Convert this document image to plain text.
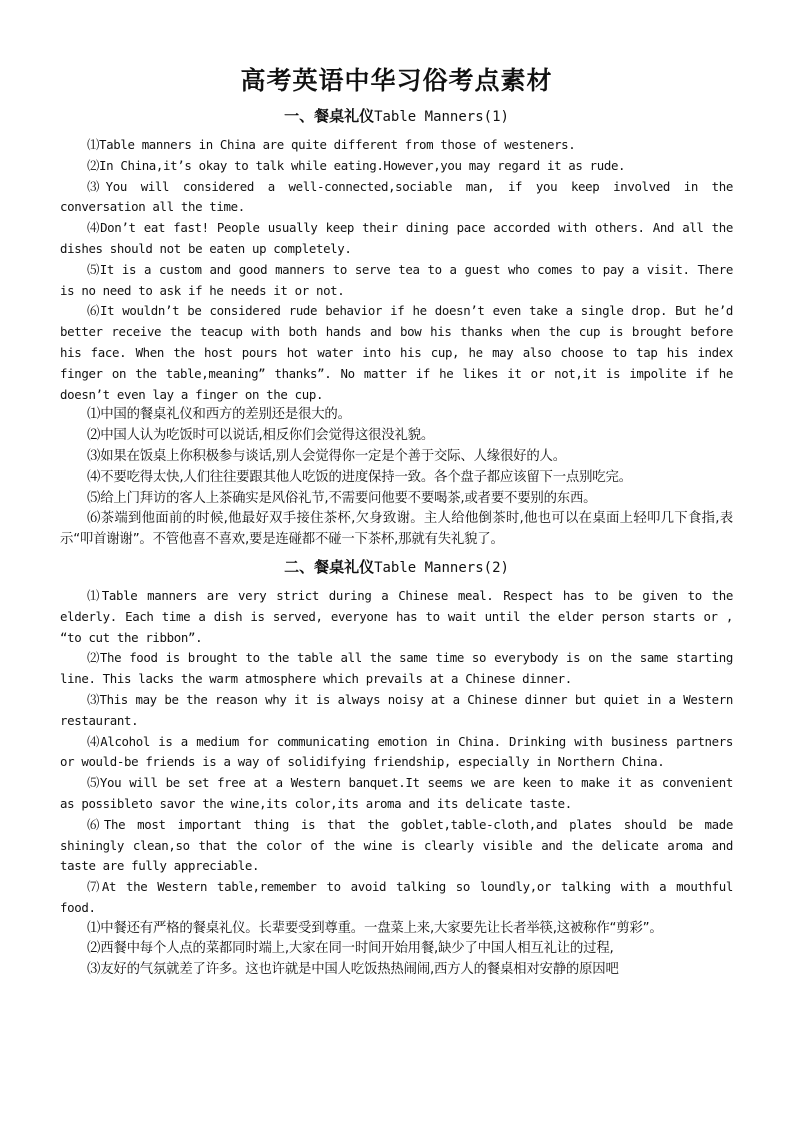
高考英语中华习俗考点素材
一、餐桌礼仪Table Manners(1)

⑴Table manners in China are quite different from those of westeners.

⑵In China,it’s okay to talk while eating.However,you may regard it as rude.

⑶You will considered a well-connected,sociable man, if you keep involved in the conversation all the time.

⑷Don’t eat fast! People usually keep their dining pace accorded with others. And all the dishes should not be eaten up completely.

⑸It is a custom and good manners to serve tea to a guest who comes to pay a visit. There is no need to ask if he needs it or not.

⑹It wouldn’t be considered rude behavior if he doesn’t even take a single drop. But he’d better receive the teacup with both hands and bow his thanks when the cup is brought before his face. When the host pours hot water into his cup, he may also choose to tap his index finger on the table,meaning” thanks”. No matter if he likes it or not,it is impolite if he doesn’t even lay a finger on the cup.

⑴中国的餐桌礼仪和西方的差别还是很大的。

⑵中国人认为吃饭时可以说话,相反你们会觉得这很没礼貌。

⑶如果在饭桌上你积极参与谈话,别人会觉得你一定是个善于交际、人缘很好的人。

⑷不要吃得太快,人们往往要跟其他人吃饭的进度保持一致。各个盘子都应该留下一点别吃完。

⑸给上门拜访的客人上茶确实是风俗礼节,不需要问他要不要喝茶,或者要不要别的东西。

⑹茶端到他面前的时候,他最好双手接住茶杯,欠身致谢。主人给他倒茶时,他也可以在桌面上轻叩几下食指,表示“叩首谢谢”。不管他喜不喜欢,要是连碰都不碰一下茶杯,那就有失礼貌了。

二、餐桌礼仪Table Manners(2)

⑴Table manners are very strict during a Chinese meal. Respect has to be given to the elderly. Each time a dish is served, everyone has to wait until the elder person starts or , “to cut the ribbon”.

⑵The food is brought to the table all the same time so everybody is on the same starting line. This lacks the warm atmosphere which prevails at a Chinese dinner.

⑶This may be the reason why it is always noisy at a Chinese dinner but quiet in a Western restaurant.

⑷Alcohol is a medium for communicating emotion in China. Drinking with business partners or would-be friends is a way of solidifying friendship, especially in Northern China.

⑸You will be set free at a Western banquet.It seems we are keen to make it as convenient as possibleto savor the wine,its color,its aroma and its delicate taste.

⑹The most important thing is that the goblet,table-cloth,and plates should be made shiningly clean,so that the color of the wine is clearly visible and the delicate aroma and taste are fully appreciable.

⑺At the Western table,remember to avoid talking so loundly,or talking with a mouthful food.

⑴中餐还有严格的餐桌礼仪。长辈要受到尊重。一盘菜上来,大家要先让长者举筷,这被称作“剪彩”。

⑵西餐中每个人点的菜都同时端上,大家在同一时间开始用餐,缺少了中国人相互礼让的过程,

⑶友好的气氛就差了许多。这也许就是中国人吃饭热热闹闹,西方人的餐桌相对安静的原因吧
